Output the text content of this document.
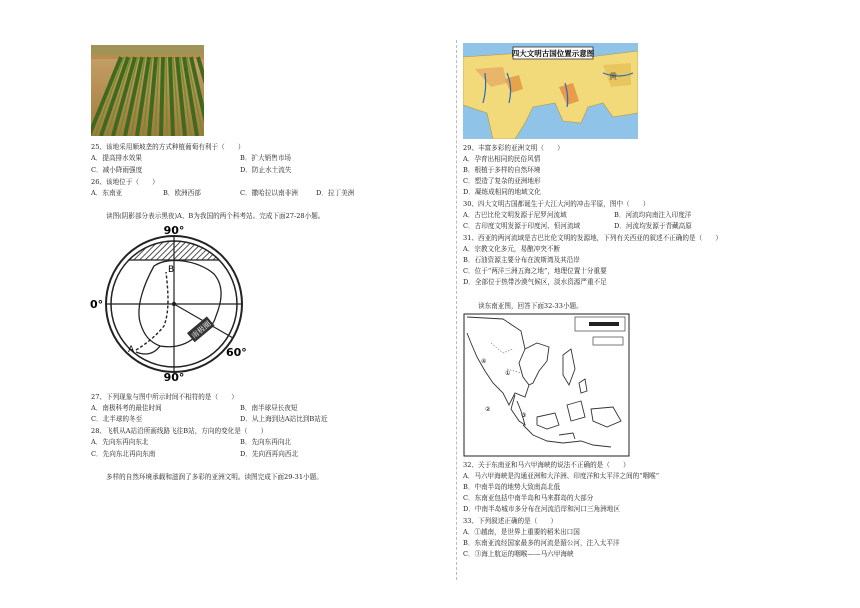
25、该地采用顺坡垄的方式种植葡萄有利于（　　）
A．提高排水效果	B．扩大销售市场
C．减小降雨强度	D．防止水土流失
26、该地位于（　　）
A．东南亚	B．欧洲西部	C．撒哈拉以南非洲	D．拉丁美洲
读图(阴影部分表示黑夜)A、B为我国的两个科考站。完成下面27-28小题。
南极圈
90°
90°
0°
60°
B
A
27、下列现象与图中所示时间不相符的是（　　）
A．南极科考的最佳时间	B．南半球昼长夜短
C．北半球的冬至	D．从上海到达A站比到B站近
28、飞机从A站沿所画线路飞往B站，方向的变化是（　　）
A．先向东再向东北	B．先向东再向北
C．先向东北再向东南	D．先向西再向西北
多样的自然环境承载和滋润了多彩的亚洲文明。读图完成下面29-31小题。
四大文明古国位置示意图
黄
29、丰富多彩的亚洲文明（　　）
A．孕育出相同的民俗风情
B．根植于多样的自然环境
C．塑造了复杂的亚洲地形
D．凝练成相同的地域文化
30、四大文明古国都诞生于大江大河的冲击平原，图中（　　）
A．古巴比伦文明发源于尼罗河流域	B．河流均向南注入印度洋
C．古印度文明发源于印度河、恒河流域	D．河流均发源于青藏高原
31、西亚的两河流域是古巴比伦文明的发源地，下列有关西亚的叙述不正确的是（　　）
A．宗教文化多元，易酿冲突不断
B．石油资源主要分布在波斯湾及其沿岸
C．位于“两洋三洲五海之地”，地理位置十分重要
D．全部位于热带沙漠气候区，淡水资源严重不足
读东南亚图，回答下面32-33小题。
①
②
③
④
32、关于东南亚和马六甲海峡的说法不正确的是（　　）
A．马六甲海峡是沟通亚洲和大洋洲、印度洋和太平洋之间的“咽喉”
B．中南半岛的地势大致南高北低
C．东南亚包括中南半岛和马来群岛的大部分
D．中南半岛城市多分布在河流沿岸和河口三角洲地区
33、下列叙述正确的是（　　）
A．①越南，是世界上重要的稻米出口国
B．东南亚流经国家最多的河流是湄公河，注入太平洋
C．③海上航运的咽喉——马六甲海峡
